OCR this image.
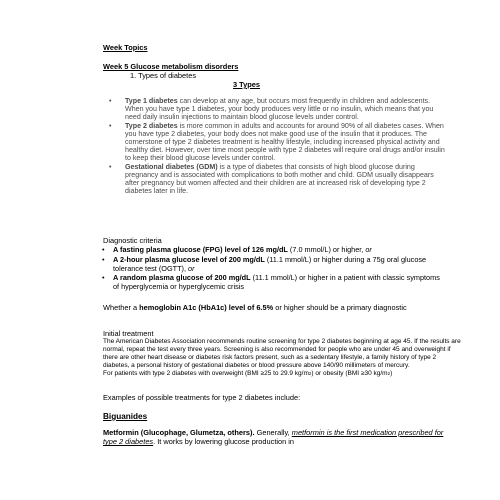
Week Topics

Week 5 Glucose metabolism disorders

1. Types of diabetes

3 Types

• Type 1 diabetes can develop at any age, but occurs most frequently in children and adolescents. When you have type 1 diabetes, your body produces very little or no insulin, which means that you need daily insulin injections to maintain blood glucose levels under control.
• Type 2 diabetes is more common in adults and accounts for around 90% of all diabetes cases. When you have type 2 diabetes, your body does not make good use of the insulin that it produces. The cornerstone of type 2 diabetes treatment is healthy lifestyle, including increased physical activity and healthy diet. However, over time most people with type 2 diabetes will require oral drugs and/or insulin to keep their blood glucose levels under control.
• Gestational diabetes (GDM) is a type of diabetes that consists of high blood glucose during pregnancy and is associated with complications to both mother and child. GDM usually disappears after pregnancy but women affected and their children are at increased risk of developing type 2 diabetes later in life.

Diagnostic criteria

• A fasting plasma glucose (FPG) level of 126 mg/dL (7.0 mmol/L) or higher, or
• A 2-hour plasma glucose level of 200 mg/dL (11.1 mmol/L) or higher during a 75g oral glucose tolerance test (OGTT), or
• A random plasma glucose of 200 mg/dL (11.1 mmol/L) or higher in a patient with classic symptoms of hyperglycemia or hyperglycemic crisis

Whether a hemoglobin A1c (HbA1c) level of 6.5% or higher should be a primary diagnostic

Initial treatment

The American Diabetes Association recommends routine screening for type 2 diabetes beginning at age 45. If the results are normal, repeat the test every three years. Screening is also recommended for people who are under 45 and overweight if there are other heart disease or diabetes risk factors present, such as a sedentary lifestyle, a family history of type 2 diabetes, a personal history of gestational diabetes or blood pressure above 140/90 millimeters of mercury.
For patients with type 2 diabetes with overweight (BMI ≥25 to 29.9 $kg/m^2$) or obesity (BMI ≥30 $kg/m^2$)

Examples of possible treatments for type 2 diabetes include:

Biguanides

Metformin (Glucophage, Glumetza, others). Generally, metformin is the first medication prescribed for type 2 diabetes. It works by lowering glucose production in
